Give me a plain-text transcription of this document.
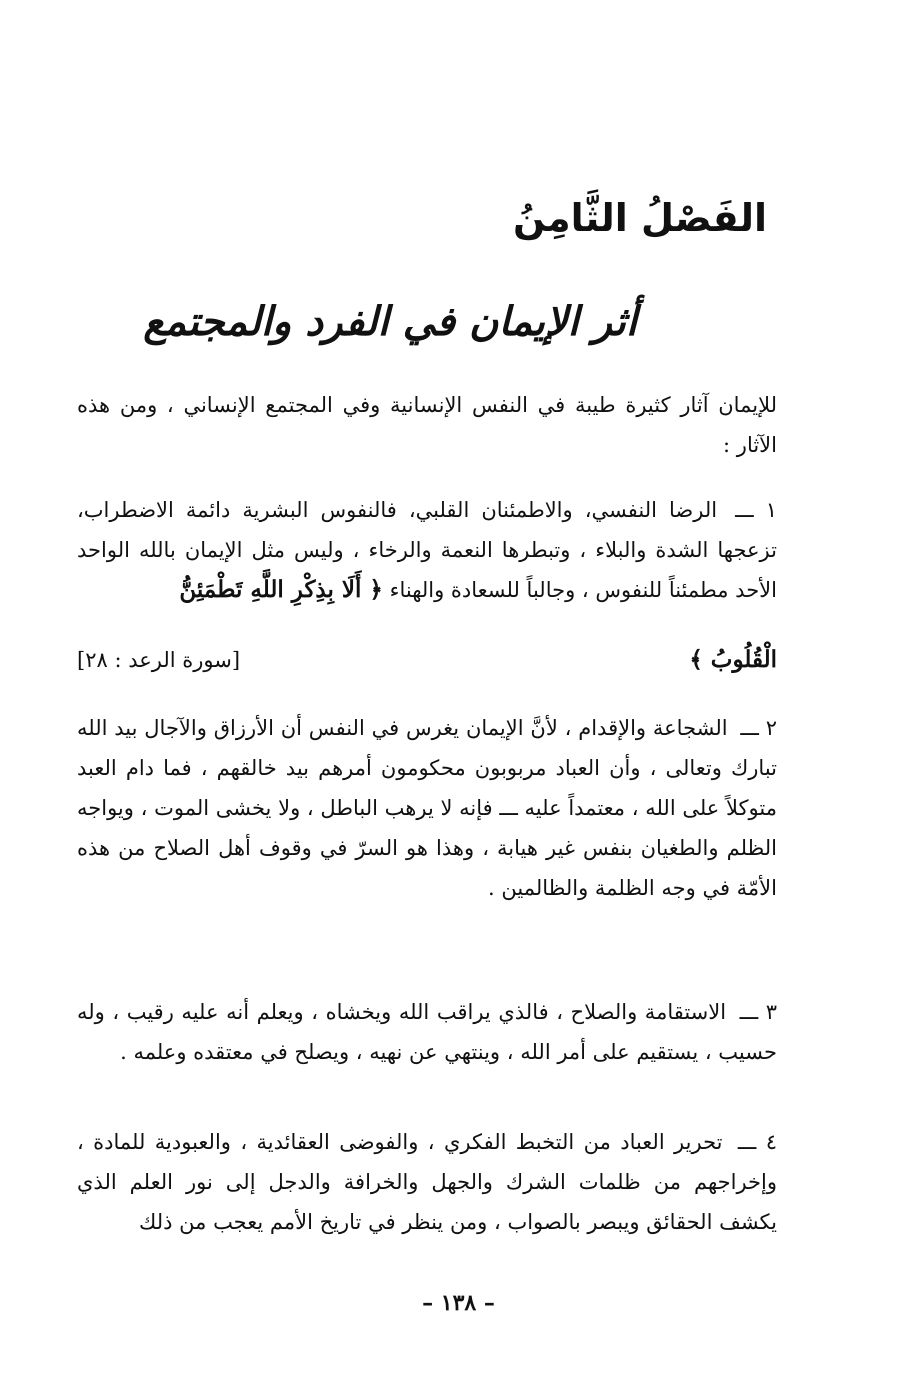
الفَصْلُ الثَّامِنُ
أثر الإيمان في الفرد والمجتمع
للإيمان آثار كثيرة طيبة في النفس الإنسانية وفي المجتمع الإنساني ، ومن هذه الآثار :
١ ـــ الرضا النفسي، والاطمئنان القلبي، فالنفوس البشرية دائمة الاضطراب، تزعجها الشدة والبلاء ، وتبطرها النعمة والرخاء ، وليس مثل الإيمان بالله الواحد الأحد مطمئناً للنفوس ، وجالباً للسعادة والهناء ﴿ أَلَا بِذِكْرِ اللَّهِ تَطْمَئِنُّ
الْقُلُوبُ ﴾
[سورة الرعد : ٢٨]
٢ ـــ الشجاعة والإقدام ، لأنَّ الإيمان يغرس في النفس أن الأرزاق والآجال بيد الله تبارك وتعالى ، وأن العباد مربوبون محكومون أمرهم بيد خالقهم ، فما دام العبد متوكلاً على الله ، معتمداً عليه ـــ فإنه لا يرهب الباطل ، ولا يخشى الموت ، ويواجه الظلم والطغيان بنفس غير هيابة ، وهذا هو السرّ في وقوف أهل الصلاح من هذه الأمّة في وجه الظلمة والظالمين .
٣ ـــ الاستقامة والصلاح ، فالذي يراقب الله ويخشاه ، ويعلم أنه عليه رقيب ، وله حسيب ، يستقيم على أمر الله ، وينتهي عن نهيه ، ويصلح في معتقده وعلمه .
٤ ـــ تحرير العباد من التخبط الفكري ، والفوضى العقائدية ، والعبودية للمادة ، وإخراجهم من ظلمات الشرك والجهل والخرافة والدجل إلى نور العلم الذي يكشف الحقائق ويبصر بالصواب ، ومن ينظر في تاريخ الأمم يعجب من ذلك
– ١٣٨ –
